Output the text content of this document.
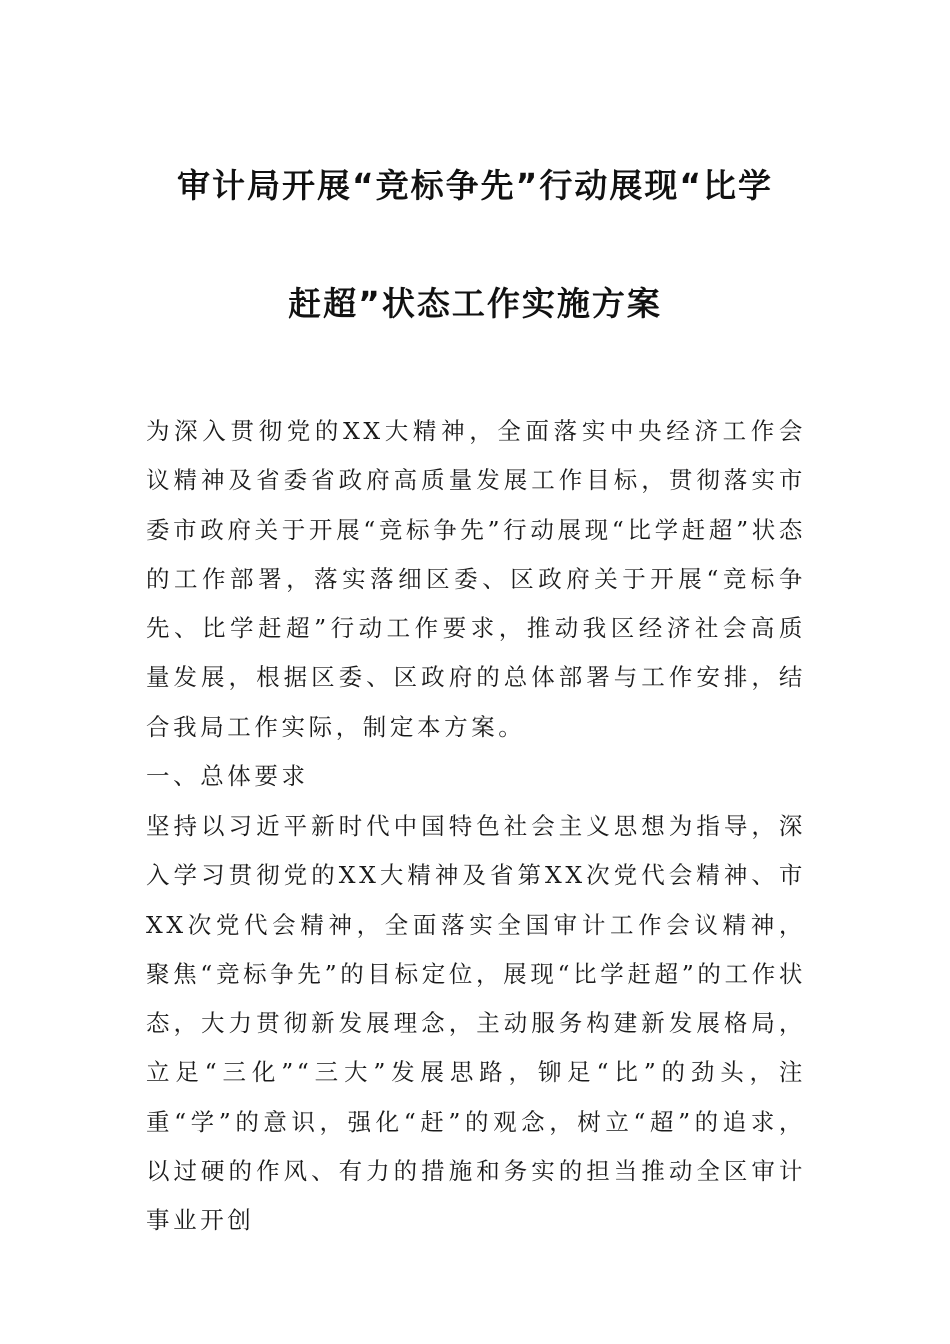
审计局开展“竞标争先”行动展现“比学
赶超”状态工作实施方案

为深入贯彻党的XX大精神，全面落实中央经济工作会议精神及省委省政府高质量发展工作目标，贯彻落实市委市政府关于开展“竞标争先”行动展现“比学赶超”状态的工作部署，落实落细区委、区政府关于开展“竞标争先、比学赶超”行动工作要求，推动我区经济社会高质量发展，根据区委、区政府的总体部署与工作安排，结合我局工作实际，制定本方案。

一、总体要求

坚持以习近平新时代中国特色社会主义思想为指导，深入学习贯彻党的XX大精神及省第XX次党代会精神、市XX次党代会精神，全面落实全国审计工作会议精神，聚焦“竞标争先”的目标定位，展现“比学赶超”的工作状态，大力贯彻新发展理念，主动服务构建新发展格局，立足“三化”“三大”发展思路，铆足“比”的劲头，注重“学”的意识，强化“赶”的观念，树立“超”的追求，以过硬的作风、有力的措施和务实的担当推动全区审计事业开创
